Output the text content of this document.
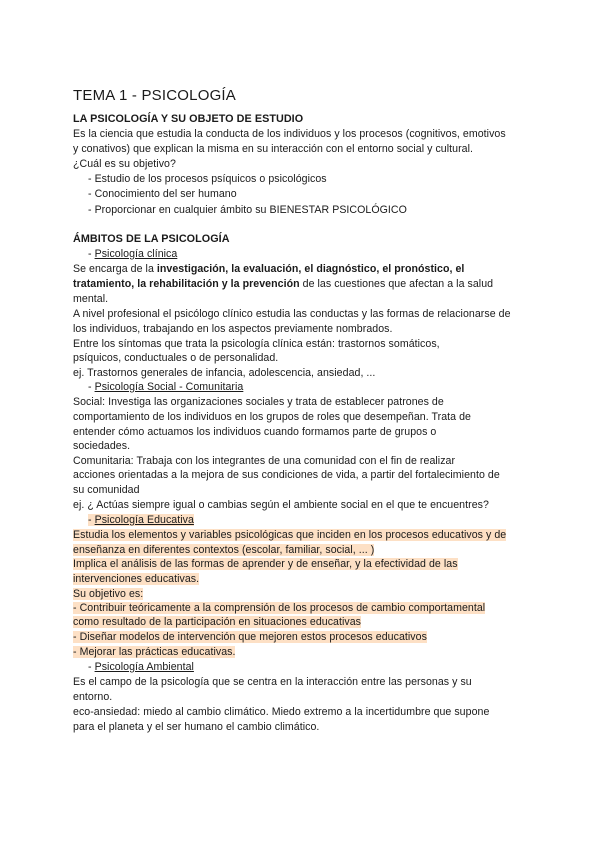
TEMA 1 - PSICOLOGÍA
LA PSICOLOGÍA Y SU OBJETO DE ESTUDIO
Es la ciencia que estudia la conducta de los individuos y los procesos (cognitivos, emotivos
y conativos) que explican la misma en su interacción con el entorno social y cultural.
¿Cuál es su objetivo?
- Estudio de los procesos psíquicos o psicológicos
- Conocimiento del ser humano
- Proporcionar en cualquier ámbito su BIENESTAR PSICOLÓGICO
ÁMBITOS DE LA PSICOLOGÍA
- Psicología clínica
Se encarga de la investigación, la evaluación, el diagnóstico, el pronóstico, el
tratamiento, la rehabilitación y la prevención de las cuestiones que afectan a la salud
mental.
A nivel profesional el psicólogo clínico estudia las conductas y las formas de relacionarse de
los individuos, trabajando en los aspectos previamente nombrados.
Entre los síntomas que trata la psicología clínica están: trastornos somáticos,
psíquicos, conductuales o de personalidad.
ej. Trastornos generales de infancia, adolescencia, ansiedad, ...
- Psicología Social - Comunitaria
Social: Investiga las organizaciones sociales y trata de establecer patrones de
comportamiento de los individuos en los grupos de roles que desempeñan. Trata de
entender cómo actuamos los individuos cuando formamos parte de grupos o
sociedades.
Comunitaria: Trabaja con los integrantes de una comunidad con el fin de realizar
acciones orientadas a la mejora de sus condiciones de vida, a partir del fortalecimiento de
su comunidad
ej. ¿ Actúas siempre igual o cambias según el ambiente social en el que te encuentres?
- Psicología Educativa
Estudia los elementos y variables psicológicas que inciden en los procesos educativos y de
enseñanza en diferentes contextos (escolar, familiar, social, ... )
Implica el análisis de las formas de aprender y de enseñar, y la efectividad de las
intervenciones educativas.
Su objetivo es:
- Contribuir teóricamente a la comprensión de los procesos de cambio comportamental
como resultado de la participación en situaciones educativas
- Diseñar modelos de intervención que mejoren estos procesos educativos
- Mejorar las prácticas educativas.
- Psicología Ambiental
Es el campo de la psicología que se centra en la interacción entre las personas y su
entorno.
eco-ansiedad: miedo al cambio climático. Miedo extremo a la incertidumbre que supone
para el planeta y el ser humano el cambio climático.
